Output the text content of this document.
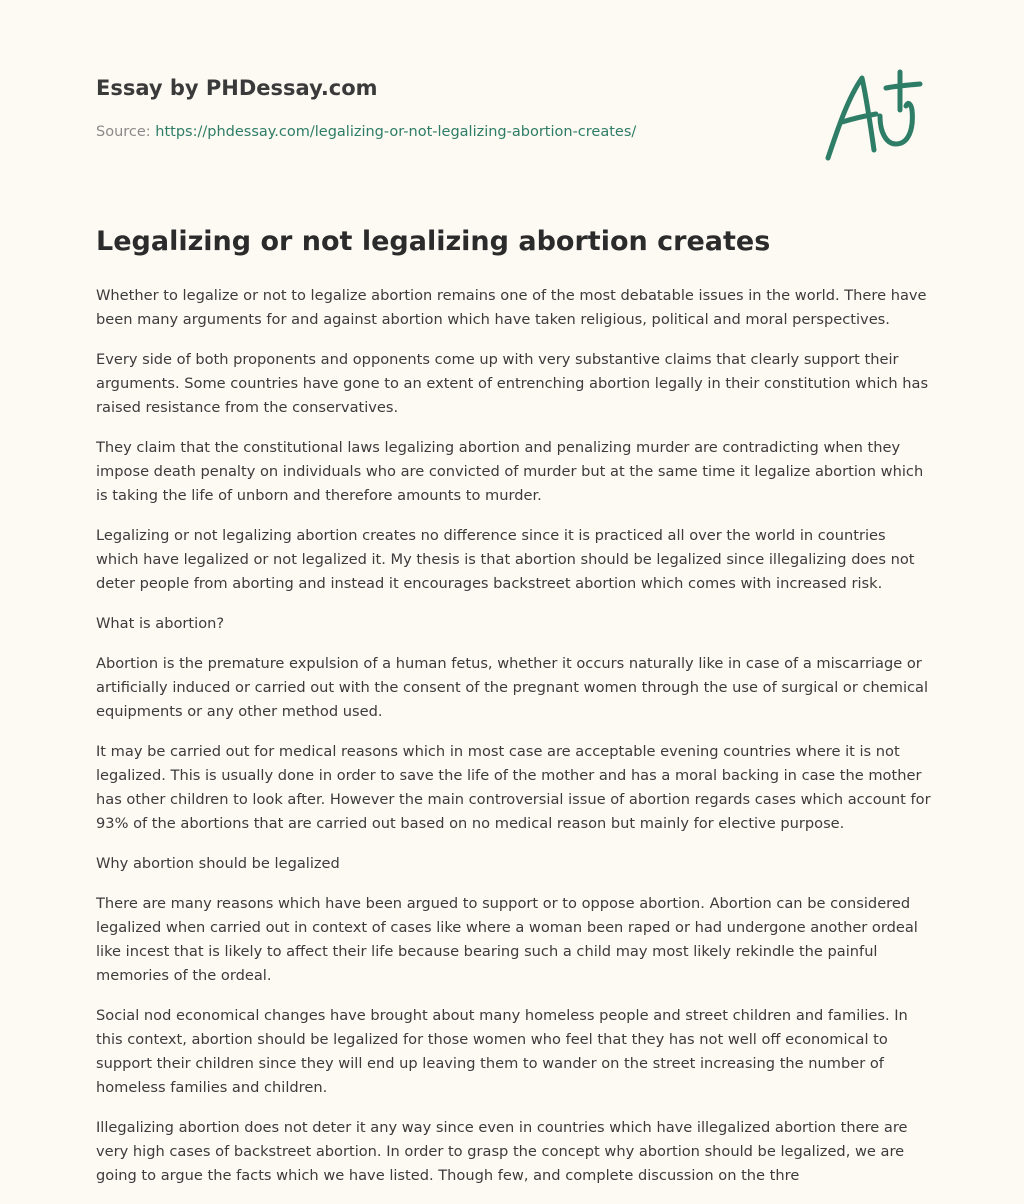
Essay by PHDessay.com
Source: https://phdessay.com/legalizing-or-not-legalizing-abortion-creates/
Legalizing or not legalizing abortion creates

Whether to legalize or not to legalize abortion remains one of the most debatable issues in the world. There have been many arguments for and against abortion which have taken religious, political and moral perspectives.

Every side of both proponents and opponents come up with very substantive claims that clearly support their arguments. Some countries have gone to an extent of entrenching abortion legally in their constitution which has raised resistance from the conservatives.

They claim that the constitutional laws legalizing abortion and penalizing murder are contradicting when they impose death penalty on individuals who are convicted of murder but at the same time it legalize abortion which is taking the life of unborn and therefore amounts to murder.

Legalizing or not legalizing abortion creates no difference since it is practiced all over the world in countries which have legalized or not legalized it. My thesis is that abortion should be legalized since illegalizing does not deter people from aborting and instead it encourages backstreet abortion which comes with increased risk.

What is abortion?

Abortion is the premature expulsion of a human fetus, whether it occurs naturally like in case of a miscarriage or artificially induced or carried out with the consent of the pregnant women through the use of surgical or chemical equipments or any other method used.

It may be carried out for medical reasons which in most case are acceptable evening countries where it is not legalized. This is usually done in order to save the life of the mother and has a moral backing in case the mother has other children to look after. However the main controversial issue of abortion regards cases which account for 93% of the abortions that are carried out based on no medical reason but mainly for elective purpose.

Why abortion should be legalized

There are many reasons which have been argued to support or to oppose abortion. Abortion can be considered legalized when carried out in context of cases like where a woman been raped or had undergone another ordeal like incest that is likely to affect their life because bearing such a child may most likely rekindle the painful memories of the ordeal.

Social nod economical changes have brought about many homeless people and street children and families. In this context, abortion should be legalized for those women who feel that they has not well off economical to support their children since they will end up leaving them to wander on the street increasing the number of homeless families and children.

Illegalizing abortion does not deter it any way since even in countries which have illegalized abortion there are very high cases of backstreet abortion. In order to grasp the concept why abortion should be legalized, we are going to argue the facts which we have listed. Though few, and complete discussion on the thre
